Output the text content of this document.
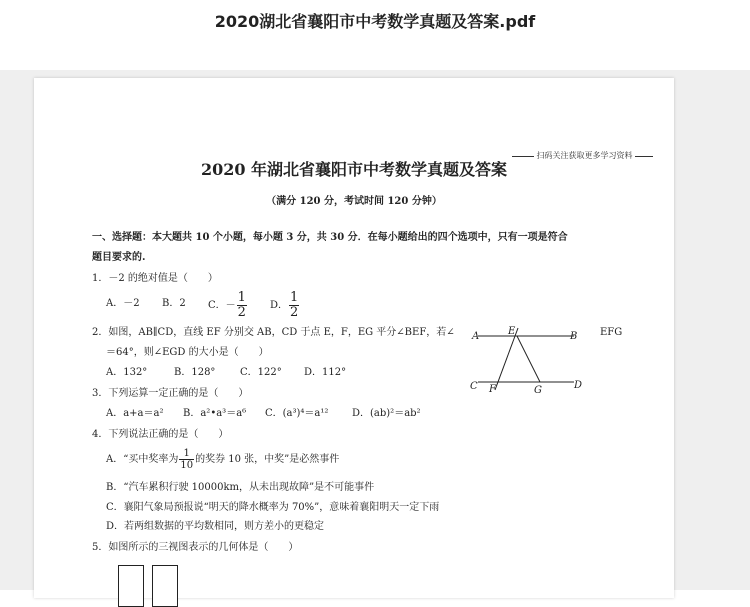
2020湖北省襄阳市中考数学真题及答案.pdf
扫码关注获取更多学习资料
2020 年湖北省襄阳市中考数学真题及答案
（满分 120 分，考试时间 120 分钟）
一、选择题：本大题共 10 个小题，每小题 3 分，共 30 分．在每小题给出的四个选项中，只有一项是符合
题目要求的.
1．－2 的绝对值是（　　）
A．－2 B．2 C．－ $\frac{1}{2}$ D． $\frac{1}{2}$
2．如图，AB∥CD，直线 EF 分别交 AB，CD 于点 E，F，EG 平分∠BEF，若∠	EFG
＝64°，则∠EGD 的大小是（　　）
A．132°	B．128° C．122° D．112°
A	E	B
C F	G	D
3．下列运算一定正确的是（　　）
A．a+a＝a² B．a²•a³＝a⁶ C．(a³)⁴＝a¹² D．(ab)²＝ab²
4．下列说法正确的是（　　）
A．“买中奖率为 $\frac{1}{10}$ 的奖券 10 张，中奖”是必然事件
B．“汽车累积行驶 10000km，从未出现故障”是不可能事件
C．襄阳气象局预报说“明天的降水概率为 70%”，意味着襄阳明天一定下雨
D．若两组数据的平均数相同，则方差小的更稳定
5．如图所示的三视图表示的几何体是（　　）
